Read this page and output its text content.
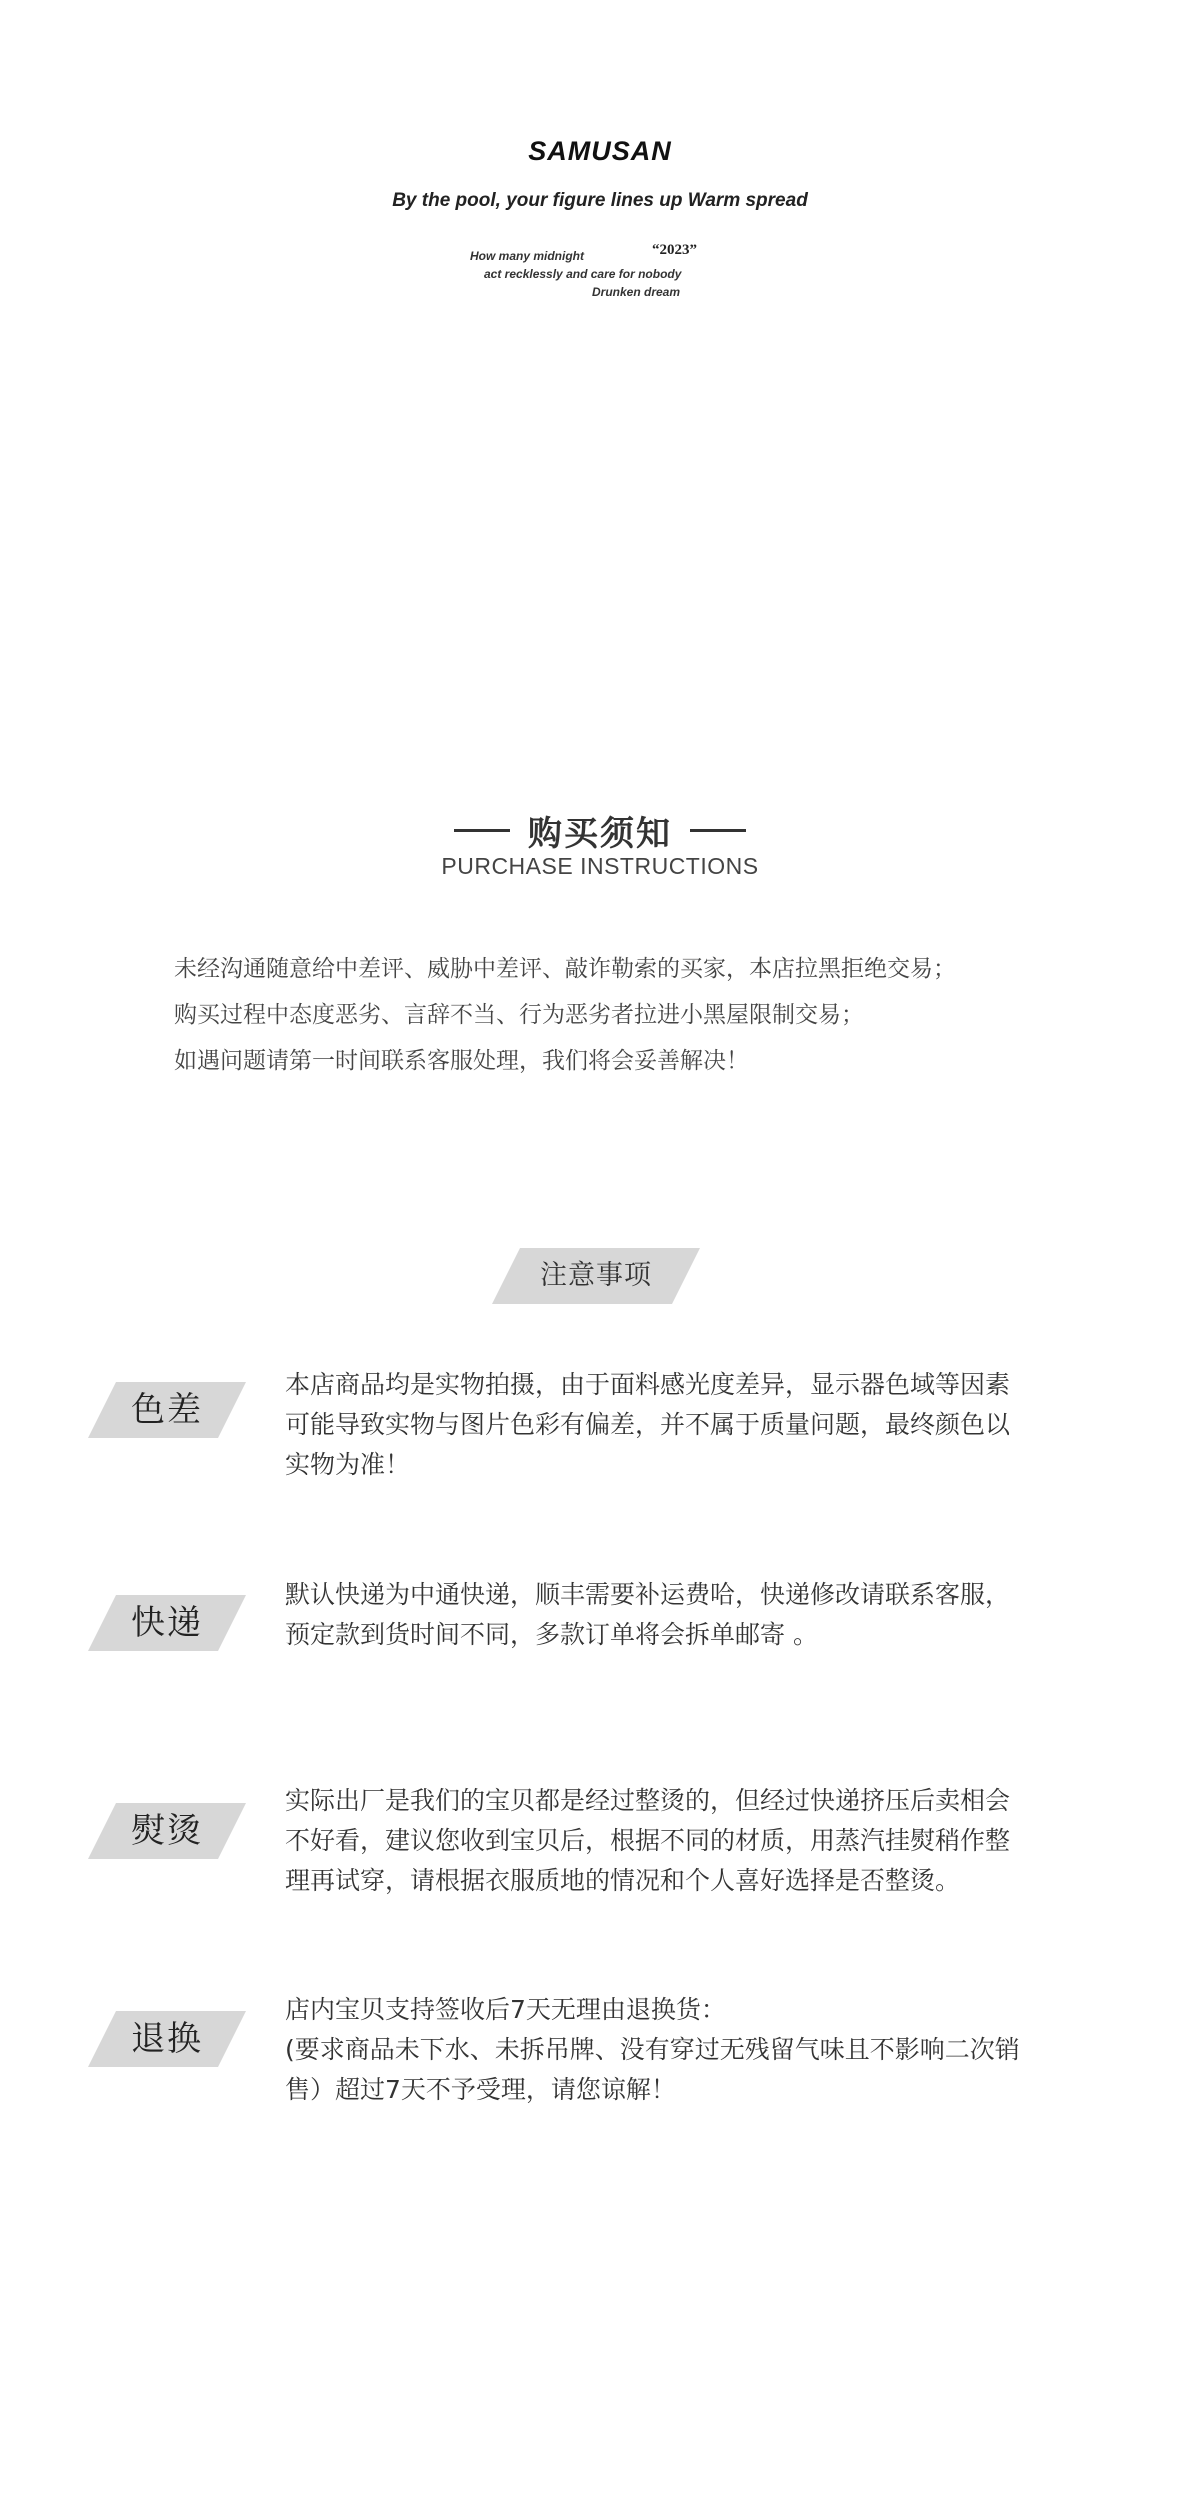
SAMUSAN
By the pool, your figure lines up Warm spread
How many midnight	“2023”
act recklessly and care for nobody
Drunken dream
购买须知
PURCHASE INSTRUCTIONS
未经沟通随意给中差评、威胁中差评、敲诈勒索的买家，本店拉黑拒绝交易；
购买过程中态度恶劣、言辞不当、行为恶劣者拉进小黑屋限制交易；
如遇问题请第一时间联系客服处理，我们将会妥善解决！
注意事项
色差
本店商品均是实物拍摄，由于面料感光度差异，显示器色域等因素
可能导致实物与图片色彩有偏差，并不属于质量问题，最终颜色以
实物为准！
快递
默认快递为中通快递，顺丰需要补运费哈，快递修改请联系客服，
预定款到货时间不同，多款订单将会拆单邮寄 。
熨烫
实际出厂是我们的宝贝都是经过整烫的，但经过快递挤压后卖相会
不好看，建议您收到宝贝后，根据不同的材质，用蒸汽挂熨稍作整
理再试穿，请根据衣服质地的情况和个人喜好选择是否整烫。
退换
店内宝贝支持签收后7天无理由退换货：
(要求商品未下水、未拆吊牌、没有穿过无残留气味且不影响二次销
售）超过7天不予受理，请您谅解！
